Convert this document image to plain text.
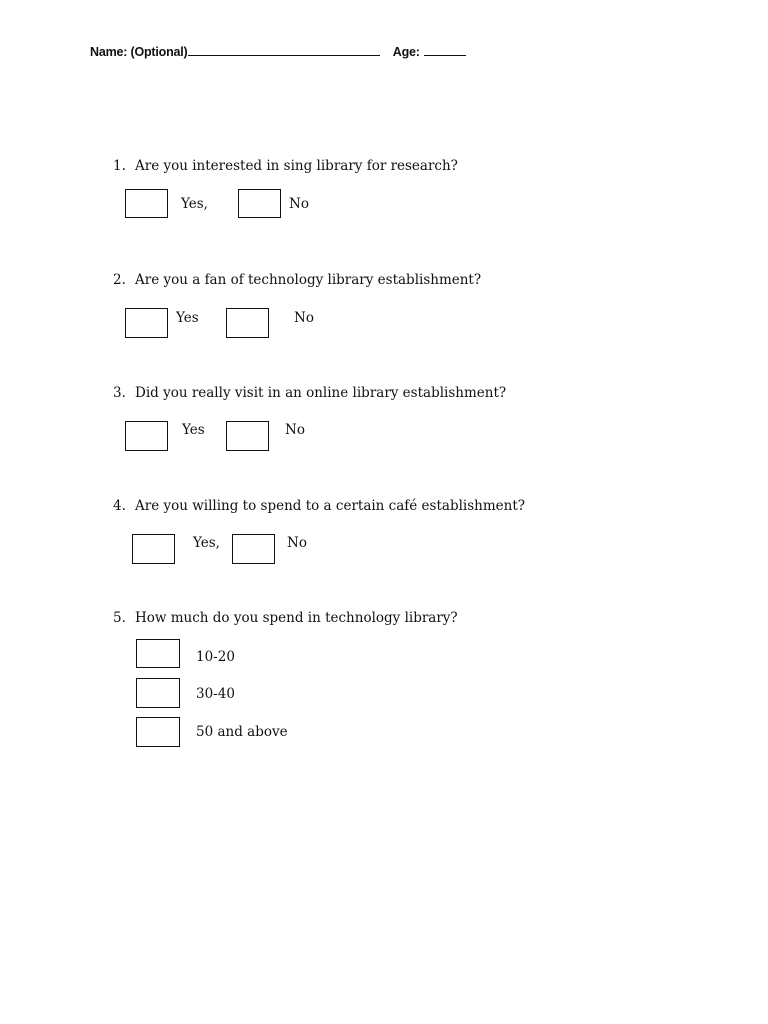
Name: (Optional)	Age:
1. Are you interested in sing library for research?
Yes,	No
2. Are you a fan of technology library establishment?
Yes	No
3. Did you really visit in an online library establishment?
Yes	No
4. Are you willing to spend to a certain café establishment?
Yes,	No
5. How much do you spend in technology library?
10-20
30-40
50 and above
